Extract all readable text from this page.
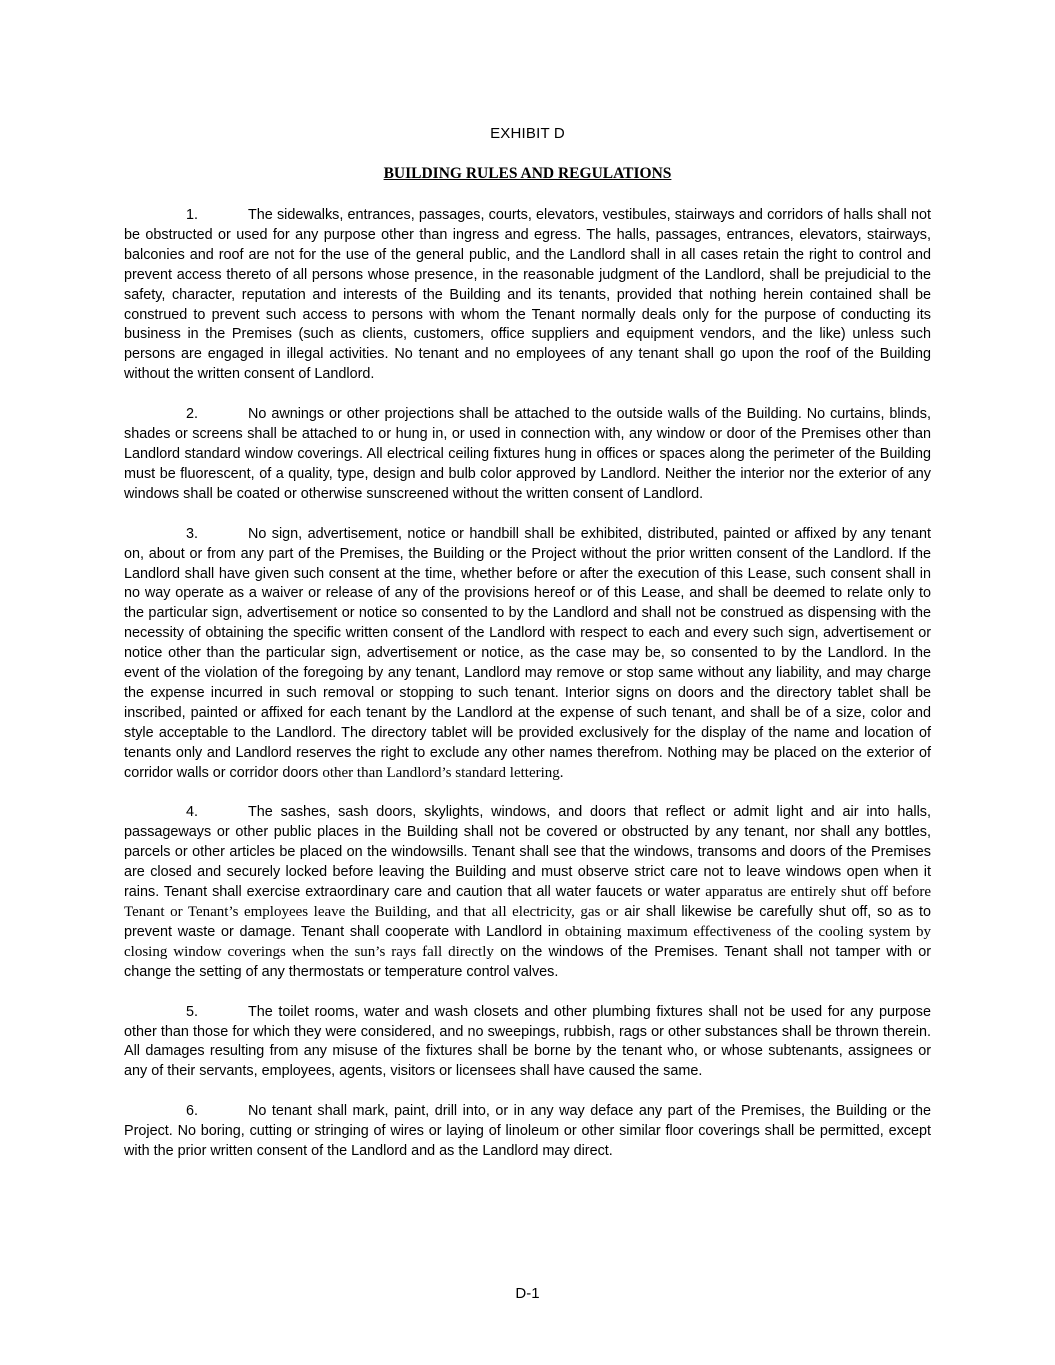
EXHIBIT D
BUILDING RULES AND REGULATIONS

1.	The sidewalks, entrances, passages, courts, elevators, vestibules, stairways and corridors of halls shall not be obstructed or used for any purpose other than ingress and egress. The halls, passages, entrances, elevators, stairways, balconies and roof are not for the use of the general public, and the Landlord shall in all cases retain the right to control and prevent access thereto of all persons whose presence, in the reasonable judgment of the Landlord, shall be prejudicial to the safety, character, reputation and interests of the Building and its tenants, provided that nothing herein contained shall be construed to prevent such access to persons with whom the Tenant normally deals only for the purpose of conducting its business in the Premises (such as clients, customers, office suppliers and equipment vendors, and the like) unless such persons are engaged in illegal activities. No tenant and no employees of any tenant shall go upon the roof of the Building without the written consent of Landlord.

2.	No awnings or other projections shall be attached to the outside walls of the Building. No curtains, blinds, shades or screens shall be attached to or hung in, or used in connection with, any window or door of the Premises other than Landlord standard window coverings. All electrical ceiling fixtures hung in offices or spaces along the perimeter of the Building must be fluorescent, of a quality, type, design and bulb color approved by Landlord. Neither the interior nor the exterior of any windows shall be coated or otherwise sunscreened without the written consent of Landlord.

3.	No sign, advertisement, notice or handbill shall be exhibited, distributed, painted or affixed by any tenant on, about or from any part of the Premises, the Building or the Project without the prior written consent of the Landlord. If the Landlord shall have given such consent at the time, whether before or after the execution of this Lease, such consent shall in no way operate as a waiver or release of any of the provisions hereof or of this Lease, and shall be deemed to relate only to the particular sign, advertisement or notice so consented to by the Landlord and shall not be construed as dispensing with the necessity of obtaining the specific written consent of the Landlord with respect to each and every such sign, advertisement or notice other than the particular sign, advertisement or notice, as the case may be, so consented to by the Landlord. In the event of the violation of the foregoing by any tenant, Landlord may remove or stop same without any liability, and may charge the expense incurred in such removal or stopping to such tenant. Interior signs on doors and the directory tablet shall be inscribed, painted or affixed for each tenant by the Landlord at the expense of such tenant, and shall be of a size, color and style acceptable to the Landlord. The directory tablet will be provided exclusively for the display of the name and location of tenants only and Landlord reserves the right to exclude any other names therefrom. Nothing may be placed on the exterior of corridor walls or corridor doors other than Landlord’s standard lettering.

4.	The sashes, sash doors, skylights, windows, and doors that reflect or admit light and air into halls, passageways or other public places in the Building shall not be covered or obstructed by any tenant, nor shall any bottles, parcels or other articles be placed on the windowsills. Tenant shall see that the windows, transoms and doors of the Premises are closed and securely locked before leaving the Building and must observe strict care not to leave windows open when it rains. Tenant shall exercise extraordinary care and caution that all water faucets or water apparatus are entirely shut off before Tenant or Tenant’s employees leave the Building, and that all electricity, gas or air shall likewise be carefully shut off, so as to prevent waste or damage. Tenant shall cooperate with Landlord in obtaining maximum effectiveness of the cooling system by closing window coverings when the sun’s rays fall directly on the windows of the Premises. Tenant shall not tamper with or change the setting of any thermostats or temperature control valves.

5.	The toilet rooms, water and wash closets and other plumbing fixtures shall not be used for any purpose other than those for which they were considered, and no sweepings, rubbish, rags or other substances shall be thrown therein. All damages resulting from any misuse of the fixtures shall be borne by the tenant who, or whose subtenants, assignees or any of their servants, employees, agents, visitors or licensees shall have caused the same.

6.	No tenant shall mark, paint, drill into, or in any way deface any part of the Premises, the Building or the Project. No boring, cutting or stringing of wires or laying of linoleum or other similar floor coverings shall be permitted, except with the prior written consent of the Landlord and as the Landlord may direct.

D-1
